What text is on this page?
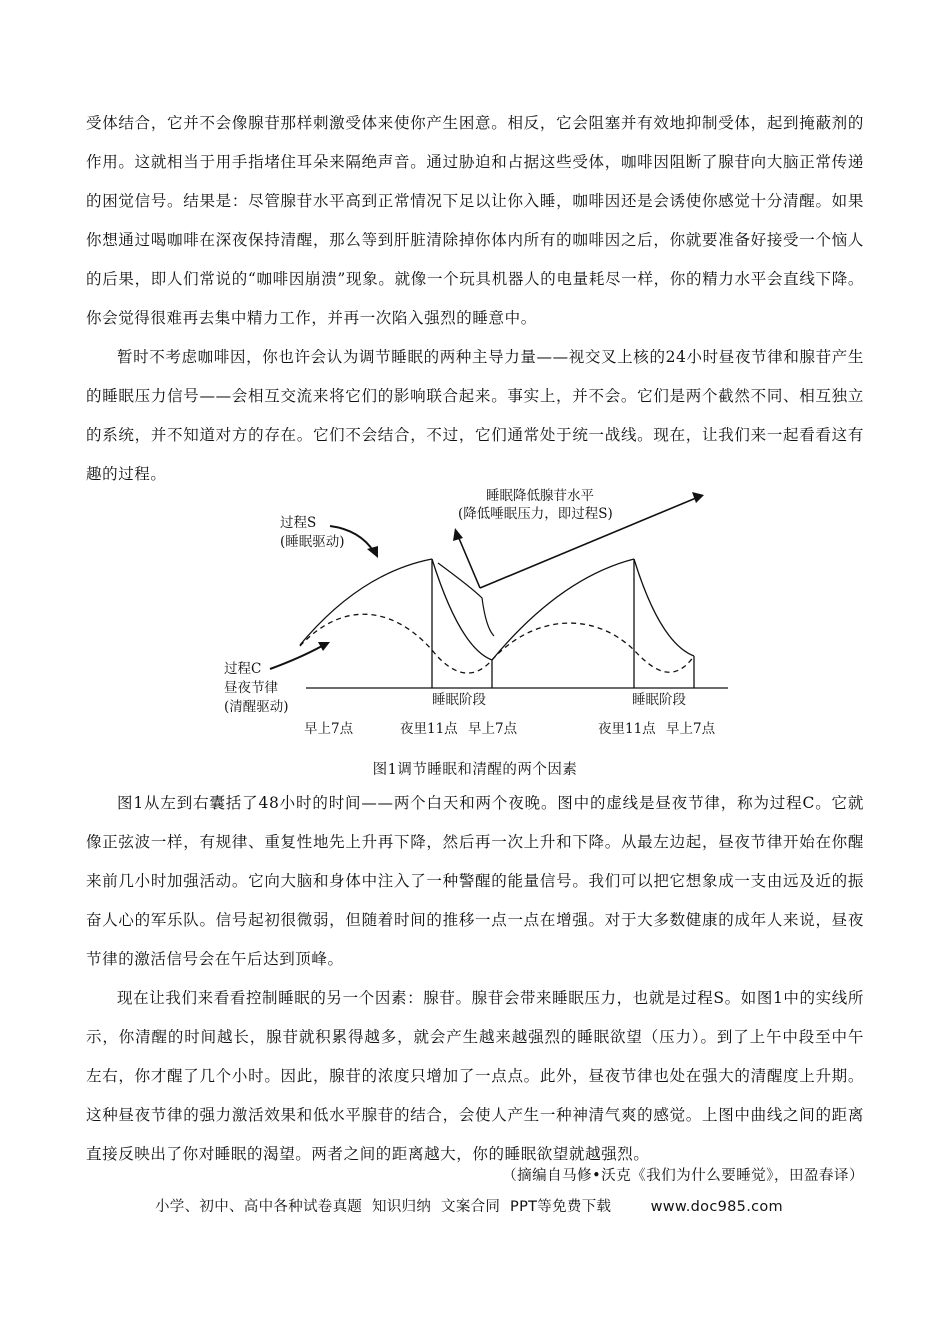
受体结合，它并不会像腺苷那样刺激受体来使你产生困意。相反，它会阻塞并有效地抑制受体，起到掩蔽剂的作用。这就相当于用手指堵住耳朵来隔绝声音。通过胁迫和占据这些受体，咖啡因阻断了腺苷向大脑正常传递的困觉信号。结果是：尽管腺苷水平高到正常情况下足以让你入睡，咖啡因还是会诱使你感觉十分清醒。如果你想通过喝咖啡在深夜保持清醒，那么等到肝脏清除掉你体内所有的咖啡因之后，你就要准备好接受一个恼人的后果，即人们常说的“咖啡因崩溃”现象。就像一个玩具机器人的电量耗尽一样，你的精力水平会直线下降。你会觉得很难再去集中精力工作，并再一次陷入强烈的睡意中。

暂时不考虑咖啡因，你也许会认为调节睡眠的两种主导力量——视交叉上核的24小时昼夜节律和腺苷产生的睡眠压力信号——会相互交流来将它们的影响联合起来。事实上，并不会。它们是两个截然不同、相互独立的系统，并不知道对方的存在。它们不会结合，不过，它们通常处于统一战线。现在，让我们来一起看看这有趣的过程。

过程S
(睡眠驱动)
睡眠降低腺苷水平
(降低唾眠压力，即过程S)
过程C
昼夜节律
(清醒驱动)	睡眠阶段	睡眠阶段
早上7点	夜里11点 早上7点	夜里11点 早上7点
图1调节睡眠和清醒的两个因素

图1从左到右囊括了48小时的时间——两个白天和两个夜晚。图中的虚线是昼夜节律，称为过程C。它就像正弦波一样，有规律、重复性地先上升再下降，然后再一次上升和下降。从最左边起，昼夜节律开始在你醒来前几小时加强活动。它向大脑和身体中注入了一种警醒的能量信号。我们可以把它想象成一支由远及近的振奋人心的军乐队。信号起初很微弱，但随着时间的推移一点一点在增强。对于大多数健康的成年人来说，昼夜节律的激活信号会在午后达到顶峰。

现在让我们来看看控制睡眠的另一个因素：腺苷。腺苷会带来睡眠压力，也就是过程S。如图1中的实线所示，你清醒的时间越长，腺苷就积累得越多，就会产生越来越强烈的睡眠欲望（压力）。到了上午中段至中午左右，你才醒了几个小时。因此，腺苷的浓度只增加了一点点。此外，昼夜节律也处在强大的清醒度上升期。这种昼夜节律的强力激活效果和低水平腺苷的结合，会使人产生一种神清气爽的感觉。上图中曲线之间的距离直接反映出了你对睡眠的渴望。两者之间的距离越大，你的睡眠欲望就越强烈。

（摘编自马修•沃克《我们为什么要睡觉》，田盈春译）
小学、初中、高中各种试卷真题  知识归纳  文案合同  PPT等免费下载	www.doc985.com
